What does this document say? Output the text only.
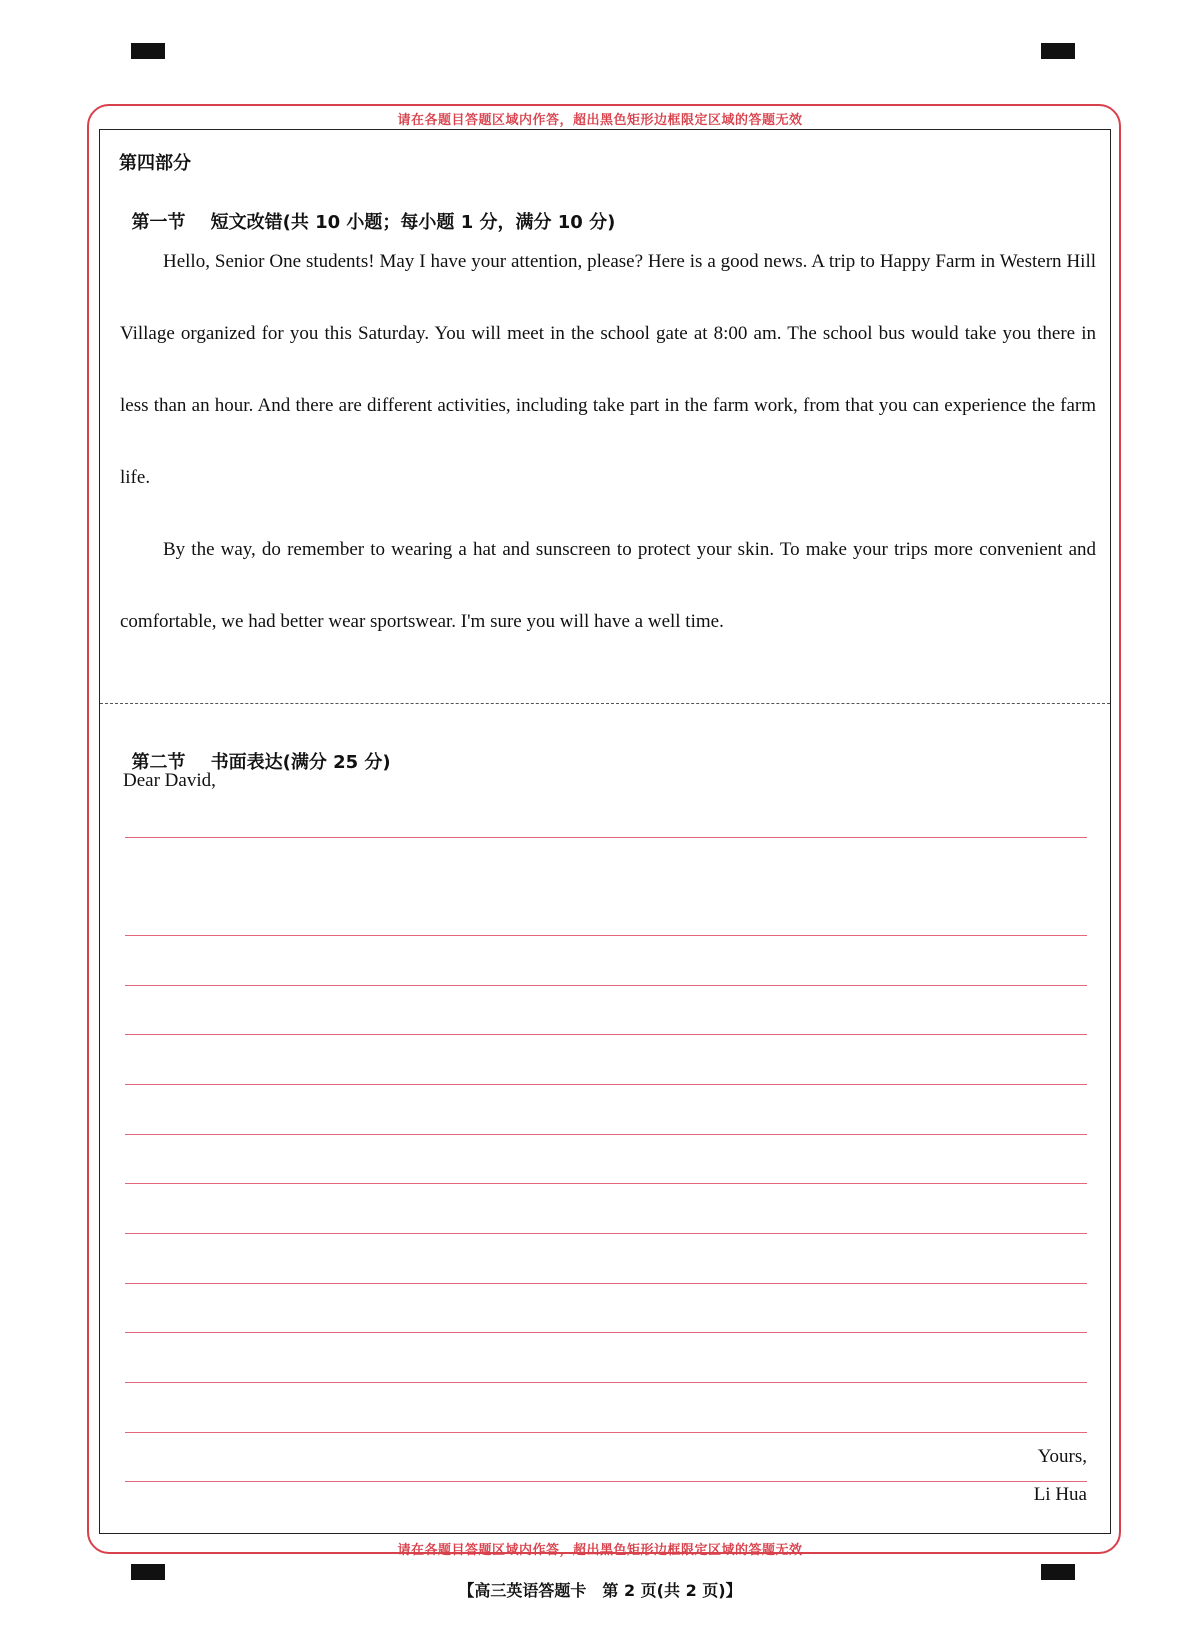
请在各题目答题区域内作答，超出黑色矩形边框限定区域的答题无效
请在各题目答题区域内作答，超出黑色矩形边框限定区域的答题无效
第四部分

第一节 短文改错(共 10 小题；每小题 1 分，满分 10 分)

Hello, Senior One students! May I have your attention, please? Here is a good news. A trip to Happy Farm in Western Hill Village organized for you this Saturday. You will meet in the school gate at 8:00 am. The school bus would take you there in less than an hour. And there are different activities, including take part in the farm work, from that you can experience the farm life.

By the way, do remember to wearing a hat and sunscreen to protect your skin. To make your trips more convenient and comfortable, we had better wear sportswear. I'm sure you will have a well time.

第二节 书面表达(满分 25 分)

Dear David,
Yours,
Li Hua
【高三英语答题卡　第 2 页(共 2 页)】
